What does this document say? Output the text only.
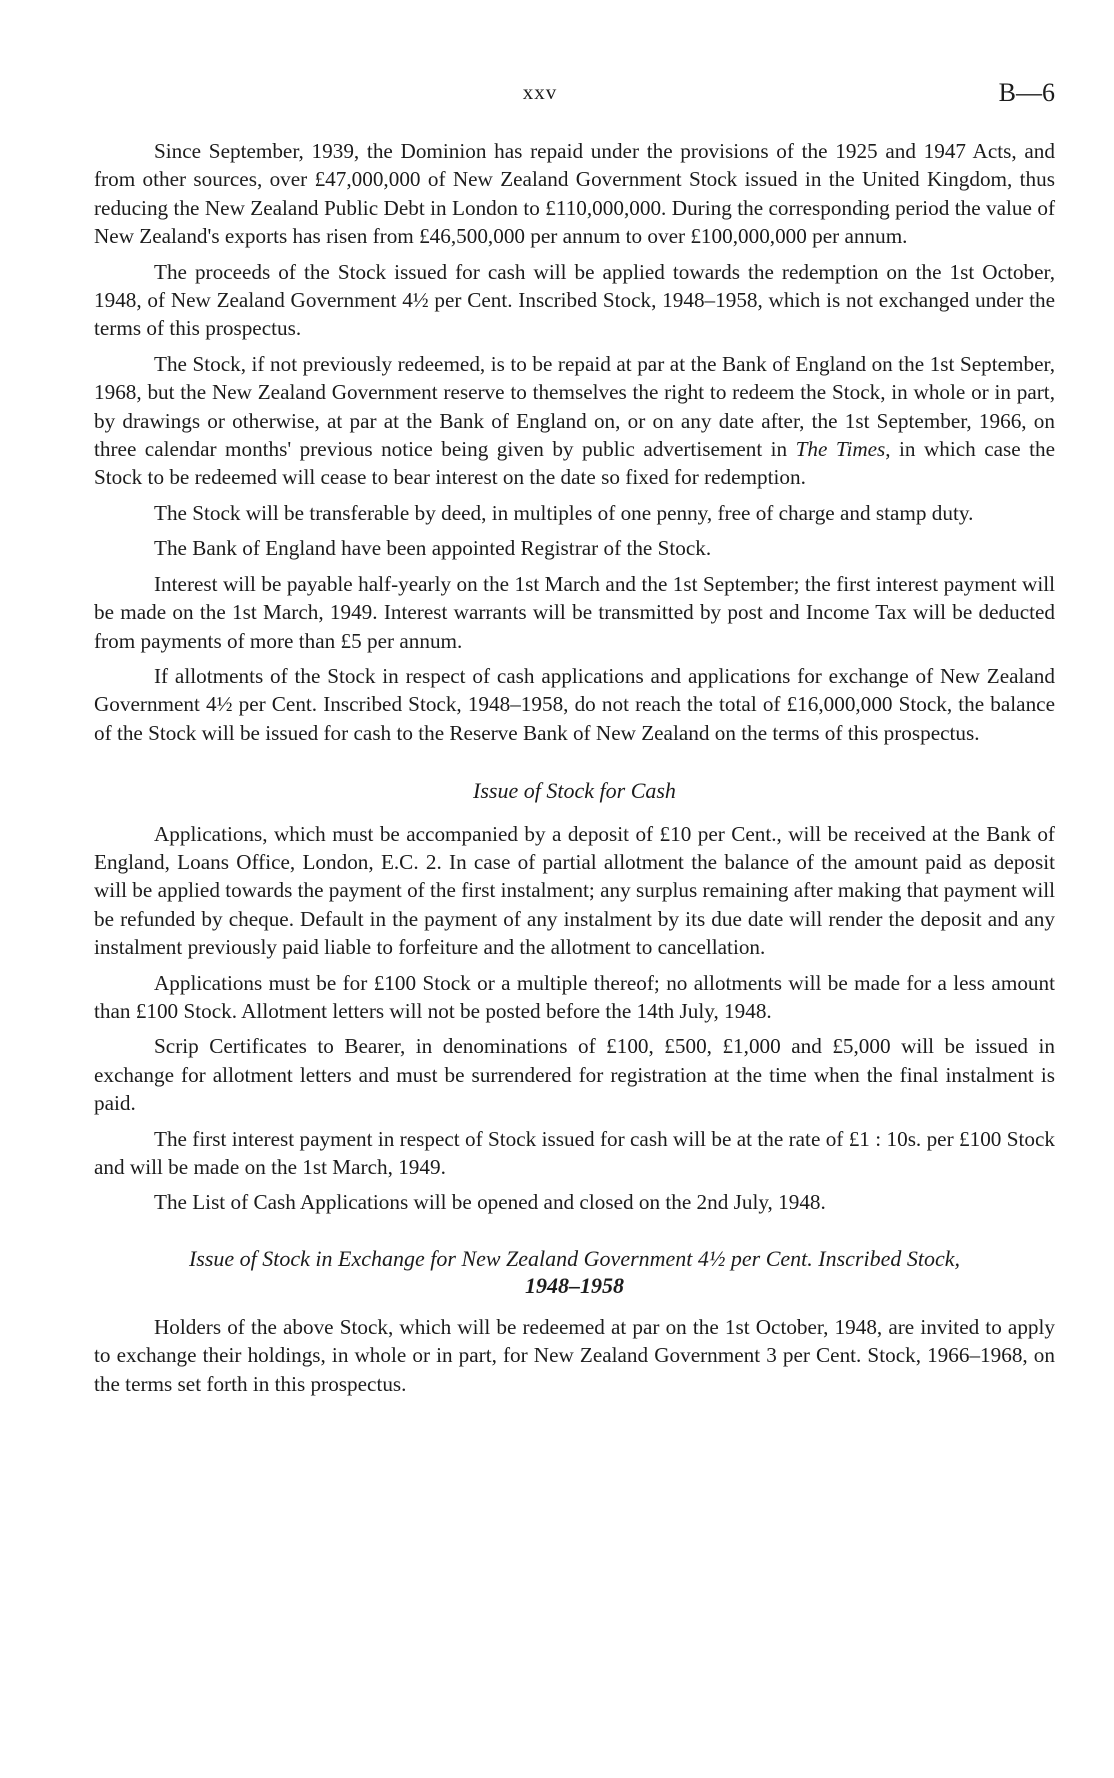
xxv	B—6

Since September, 1939, the Dominion has repaid under the provisions of the 1925 and 1947 Acts, and from other sources, over £47,000,000 of New Zealand Government Stock issued in the United Kingdom, thus reducing the New Zealand Public Debt in London to £110,000,000. During the corresponding period the value of New Zealand's exports has risen from £46,500,000 per annum to over £100,000,000 per annum.

The proceeds of the Stock issued for cash will be applied towards the redemption on the 1st October, 1948, of New Zealand Government 4½ per Cent. Inscribed Stock, 1948–1958, which is not exchanged under the terms of this prospectus.

The Stock, if not previously redeemed, is to be repaid at par at the Bank of England on the 1st September, 1968, but the New Zealand Government reserve to themselves the right to redeem the Stock, in whole or in part, by drawings or otherwise, at par at the Bank of England on, or on any date after, the 1st September, 1966, on three calendar months' previous notice being given by public advertisement in The Times, in which case the Stock to be redeemed will cease to bear interest on the date so fixed for redemption.

The Stock will be transferable by deed, in multiples of one penny, free of charge and stamp duty.

The Bank of England have been appointed Registrar of the Stock.

Interest will be payable half-yearly on the 1st March and the 1st September; the first interest payment will be made on the 1st March, 1949. Interest warrants will be transmitted by post and Income Tax will be deducted from payments of more than £5 per annum.

If allotments of the Stock in respect of cash applications and applications for exchange of New Zealand Government 4½ per Cent. Inscribed Stock, 1948–1958, do not reach the total of £16,000,000 Stock, the balance of the Stock will be issued for cash to the Reserve Bank of New Zealand on the terms of this prospectus.

Issue of Stock for Cash

Applications, which must be accompanied by a deposit of £10 per Cent., will be received at the Bank of England, Loans Office, London, E.C. 2. In case of partial allotment the balance of the amount paid as deposit will be applied towards the payment of the first instalment; any surplus remaining after making that payment will be refunded by cheque. Default in the payment of any instalment by its due date will render the deposit and any instalment previously paid liable to forfeiture and the allotment to cancellation.

Applications must be for £100 Stock or a multiple thereof; no allotments will be made for a less amount than £100 Stock. Allotment letters will not be posted before the 14th July, 1948.

Scrip Certificates to Bearer, in denominations of £100, £500, £1,000 and £5,000 will be issued in exchange for allotment letters and must be surrendered for registration at the time when the final instalment is paid.

The first interest payment in respect of Stock issued for cash will be at the rate of £1 : 10s. per £100 Stock and will be made on the 1st March, 1949.

The List of Cash Applications will be opened and closed on the 2nd July, 1948.

Issue of Stock in Exchange for New Zealand Government 4½ per Cent. Inscribed Stock,
1948–1958

Holders of the above Stock, which will be redeemed at par on the 1st October, 1948, are invited to apply to exchange their holdings, in whole or in part, for New Zealand Government 3 per Cent. Stock, 1966–1968, on the terms set forth in this prospectus.
